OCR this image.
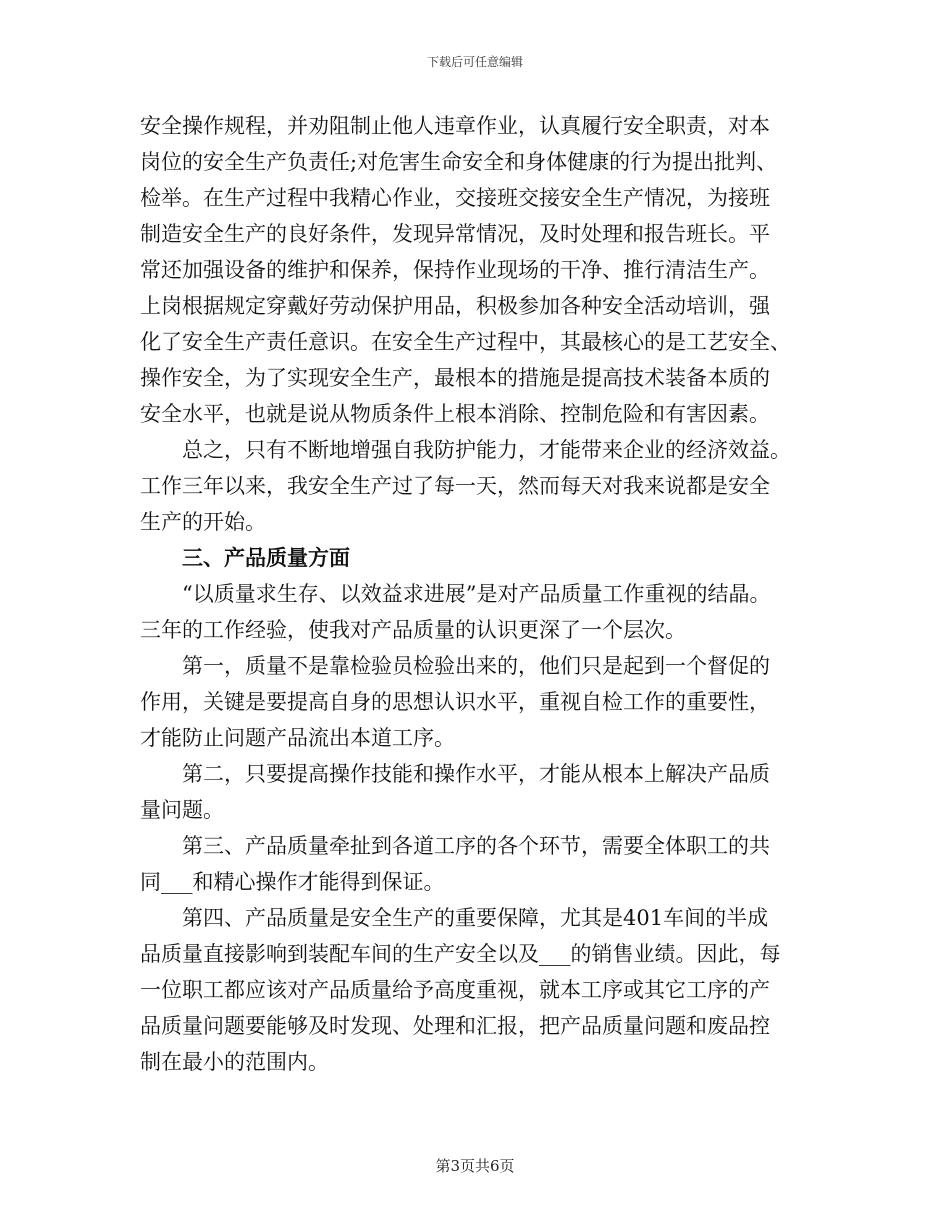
下载后可任意编辑
安全操作规程，并劝阻制止他人违章作业，认真履行安全职责，对本
岗位的安全生产负责任;对危害生命安全和身体健康的行为提出批判、
检举。在生产过程中我精心作业，交接班交接安全生产情况，为接班
制造安全生产的良好条件，发现异常情况，及时处理和报告班长。平
常还加强设备的维护和保养，保持作业现场的干净、推行清洁生产。
上岗根据规定穿戴好劳动保护用品，积极参加各种安全活动培训，强
化了安全生产责任意识。在安全生产过程中，其最核心的是工艺安全、
操作安全，为了实现安全生产，最根本的措施是提高技术装备本质的
安全水平，也就是说从物质条件上根本消除、控制危险和有害因素。
　　总之，只有不断地增强自我防护能力，才能带来企业的经济效益。
工作三年以来，我安全生产过了每一天，然而每天对我来说都是安全
生产的开始。
　　三、产品质量方面
　　“以质量求生存、以效益求进展”是对产品质量工作重视的结晶。
三年的工作经验，使我对产品质量的认识更深了一个层次。
　　第一，质量不是靠检验员检验出来的，他们只是起到一个督促的
作用，关键是要提高自身的思想认识水平，重视自检工作的重要性，
才能防止问题产品流出本道工序。
　　第二，只要提高操作技能和操作水平，才能从根本上解决产品质
量问题。
　　第三、产品质量牵扯到各道工序的各个环节，需要全体职工的共
同___和精心操作才能得到保证。
　　第四、产品质量是安全生产的重要保障，尤其是401车间的半成
品质量直接影响到装配车间的生产安全以及___的销售业绩。因此，每
一位职工都应该对产品质量给予高度重视，就本工序或其它工序的产
品质量问题要能够及时发现、处理和汇报，把产品质量问题和废品控
制在最小的范围内。
第3页共6页
